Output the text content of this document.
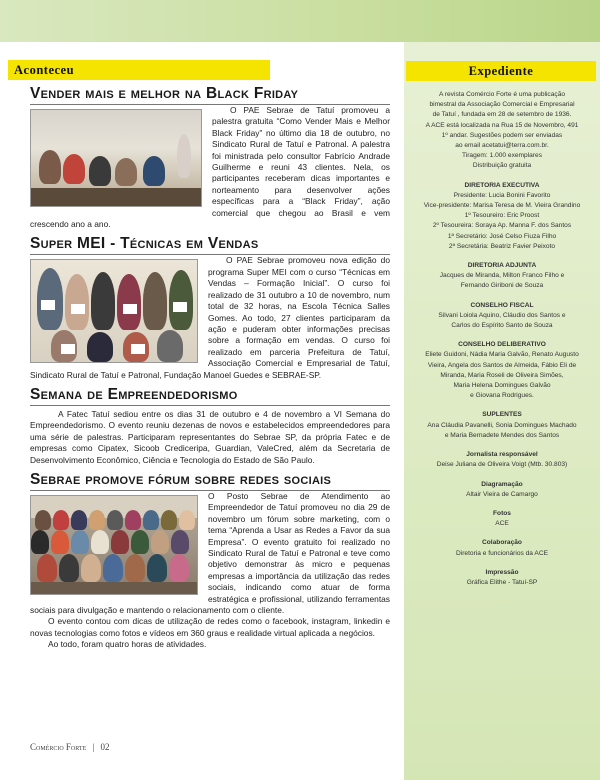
Aconteceu	Expediente
Vender mais e melhor na Black Friday

O PAE Sebrae de Tatuí promoveu a palestra gratuita “Como Vender Mais e Melhor Black Friday” no último dia 18 de outubro, no Sindicato Rural de Tatuí e Patronal. A palestra foi ministrada pelo consultor Fabrício Andrade Guilherme e reuni 43 clientes. Nela, os participantes receberam dicas importantes e norteamento para desenvolver ações específicas para a “Black Friday”, ação comercial que chegou ao Brasil e vem crescendo ano a ano.

Super MEI - Técnicas em Vendas

O PAE Sebrae promoveu nova edição do programa Super MEI com o curso “Técnicas em Vendas – Formação Inicial”. O curso foi realizado de 31 outubro a 10 de novembro, num total de 32 horas, na Escola Técnica Salles Gomes. Ao todo, 27 clientes participaram da ação e puderam obter informações precisas sobre a formação em vendas. O curso foi realizado em parceria Prefeitura de Tatuí, Associação Comercial e Empresarial de Tatuí, Sindicato Rural de Tatuí e Patronal, Fundação Manoel Guedes e SEBRAE-SP.

Semana de Empreendedorismo

A Fatec Tatuí sediou entre os dias 31 de outubro e 4 de novembro a VI Semana do Empreendedorismo. O evento reuniu dezenas de novos e estabelecidos empreendedores para uma série de palestras. Participaram representantes do Sebrae SP, da própria Fatec e de empresas como Cipatex, Sicoob Crediceripa, Guardian, ValeCred, além da Secretaria de Desenvolvimento Econômico, Ciência e Tecnologia do Estado de São Paulo.

Sebrae promove fórum sobre redes sociais

O Posto Sebrae de Atendimento ao Empreendedor de Tatuí promoveu no dia 29 de novembro um fórum sobre marketing, com o tema “Aprenda a Usar as Redes a Favor da sua Empresa”. O evento gratuito foi realizado no Sindicato Rural de Tatuí e Patronal e teve como objetivo demonstrar às micro e pequenas empresas a importância da utilização das redes sociais, indicando como atuar de forma estratégica e profissional, utilizando ferramentas sociais para divulgação e mantendo o relacionamento com o cliente.

O evento contou com dicas de utilização de redes como o facebook, instagram, linkedin e novas tecnologias como fotos e vídeos em 360 graus e realidade virtual aplicada a negócios.

Ao todo, foram quatro horas de atividades.

A revista Comércio Forte é uma publicação
bimestral da Associação Comercial e Empresarial
de Tatuí , fundada em 28 de setembro de 1936.
A ACE está localizada na Rua 15 de Novembro, 491
1º andar. Sugestões podem ser enviadas
ao email acetatui@terra.com.br.
Tiragem: 1.000 exemplares
Distribuição gratuita
DIRETORIA EXECUTIVA
Presidente: Lucia Bonini Favorito
Vice-presidente: Marisa Teresa de M. Vieira Grandino
1º Tesoureiro: Eric Proost
2º Tesoureira: Soraya Ap. Manna F. dos Santos
1ª Secretário: José Celso Fiuza Filho
2ª Secretária: Beatriz Favier Peixoto
DIRETORIA ADJUNTA
Jacques de Miranda, Milton Franco Filho e
Fernando Giriboni de Souza
CONSELHO FISCAL
Silvani Loiola Aquino, Cláudio dos Santos e
Carlos do Espírito Santo de Souza
CONSELHO DELIBERATIVO
Eliete Guidoni, Nádia Maria Galvão, Renato Augusto
Vieira, Angela dos Santos de Almeida, Fábio Eli de
Miranda, Maria Roseli de Oliveira Simões,
Maria Helena Domingues Galvão
e Giovana Rodrigues.
SUPLENTES
Ana Cláudia Pavanelli, Sonia Domingues Machado
e Maria Bernadete Mendes dos Santos
Jornalista responsável
Deise Juliana de Oliveira Voigt (Mtb. 30.803)
Diagramação
Altair Vieira de Camargo
Fotos
ACE
Colaboração
Diretoria e funcionários da ACE
Impressão
Gráfica Elithe - Tatuí-SP
Comércio Forte | 02
